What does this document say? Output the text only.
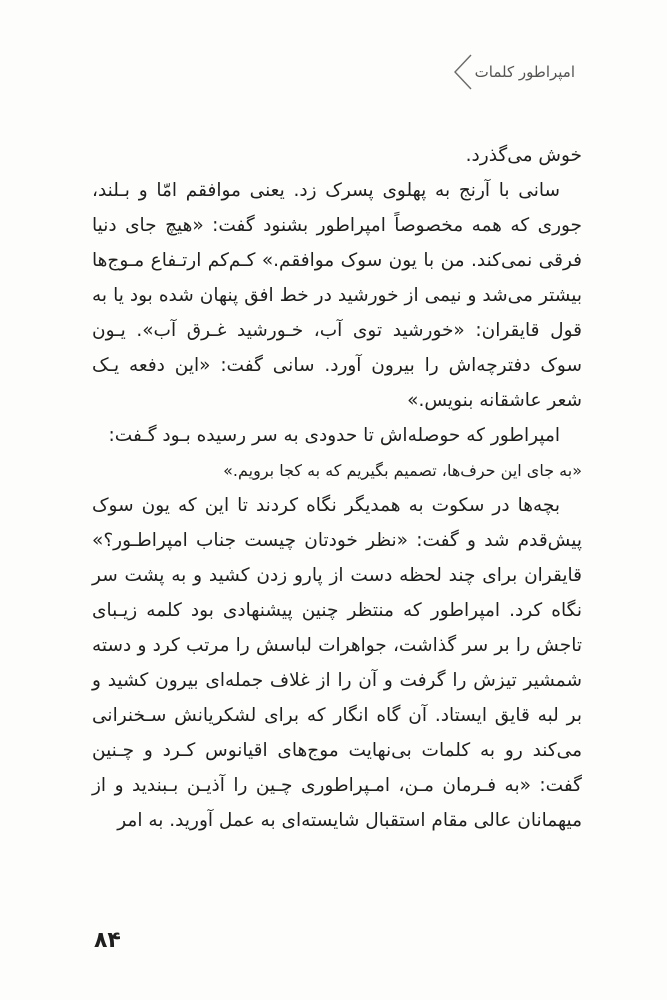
امپراطور کلمات

خوش می‌گذرد.

سانی با آرنج به پهلوی پسرک زد. یعنی موافقم امّا و بـلند، جوری که همه مخصوصاً امپراطور بشنود گفت: «هیچ جای دنیا فرقی نمی‌کند. من با یون سوک موافقم.» کـم‌کم ارتـفاع مـوج‌ها بیشتر می‌شد و نیمی از خورشید در خط افق پنهان شده بود یا به قول قایقران: «خورشید توی آب، خـورشید غـرق آب». یـون سوک دفترچه‌اش را بیرون آورد. سانی گفت: «این دفعه یـک شعر عاشقانه بنویس.»

امپراطور که حوصله‌اش تا حدودی به سر رسیده بـود گـفت:

«به جای این حرف‌ها، تصمیم بگیریم که به کجا برویم.»

بچه‌ها در سکوت به همدیگر نگاه کردند تا این که یون سوک پیش‌قدم شد و گفت: «نظر خودتان چیست جناب امپراطـور؟» قایقران برای چند لحظه دست از پارو زدن کشید و به پشت سر نگاه کرد. امپراطور که منتظر چنین پیشنهادی بود کلمه زیـبای تاجش را بر سر گذاشت، جواهرات لباسش را مرتب کرد و دسته شمشیر تیزش را گرفت و آن را از غلاف جمله‌ای بیرون کشید و بر لبه قایق ایستاد. آن گاه انگار که برای لشکریانش سـخنرانی می‌کند رو به کلمات بی‌نهایت موج‌های اقیانوس کـرد و چـنین گفت: «به فـرمان مـن، امـپراطوری چـین را آذیـن بـبندید و از میهمانان عالی مقام استقبال شایسته‌ای به عمل آورید. به امر

۸۴
